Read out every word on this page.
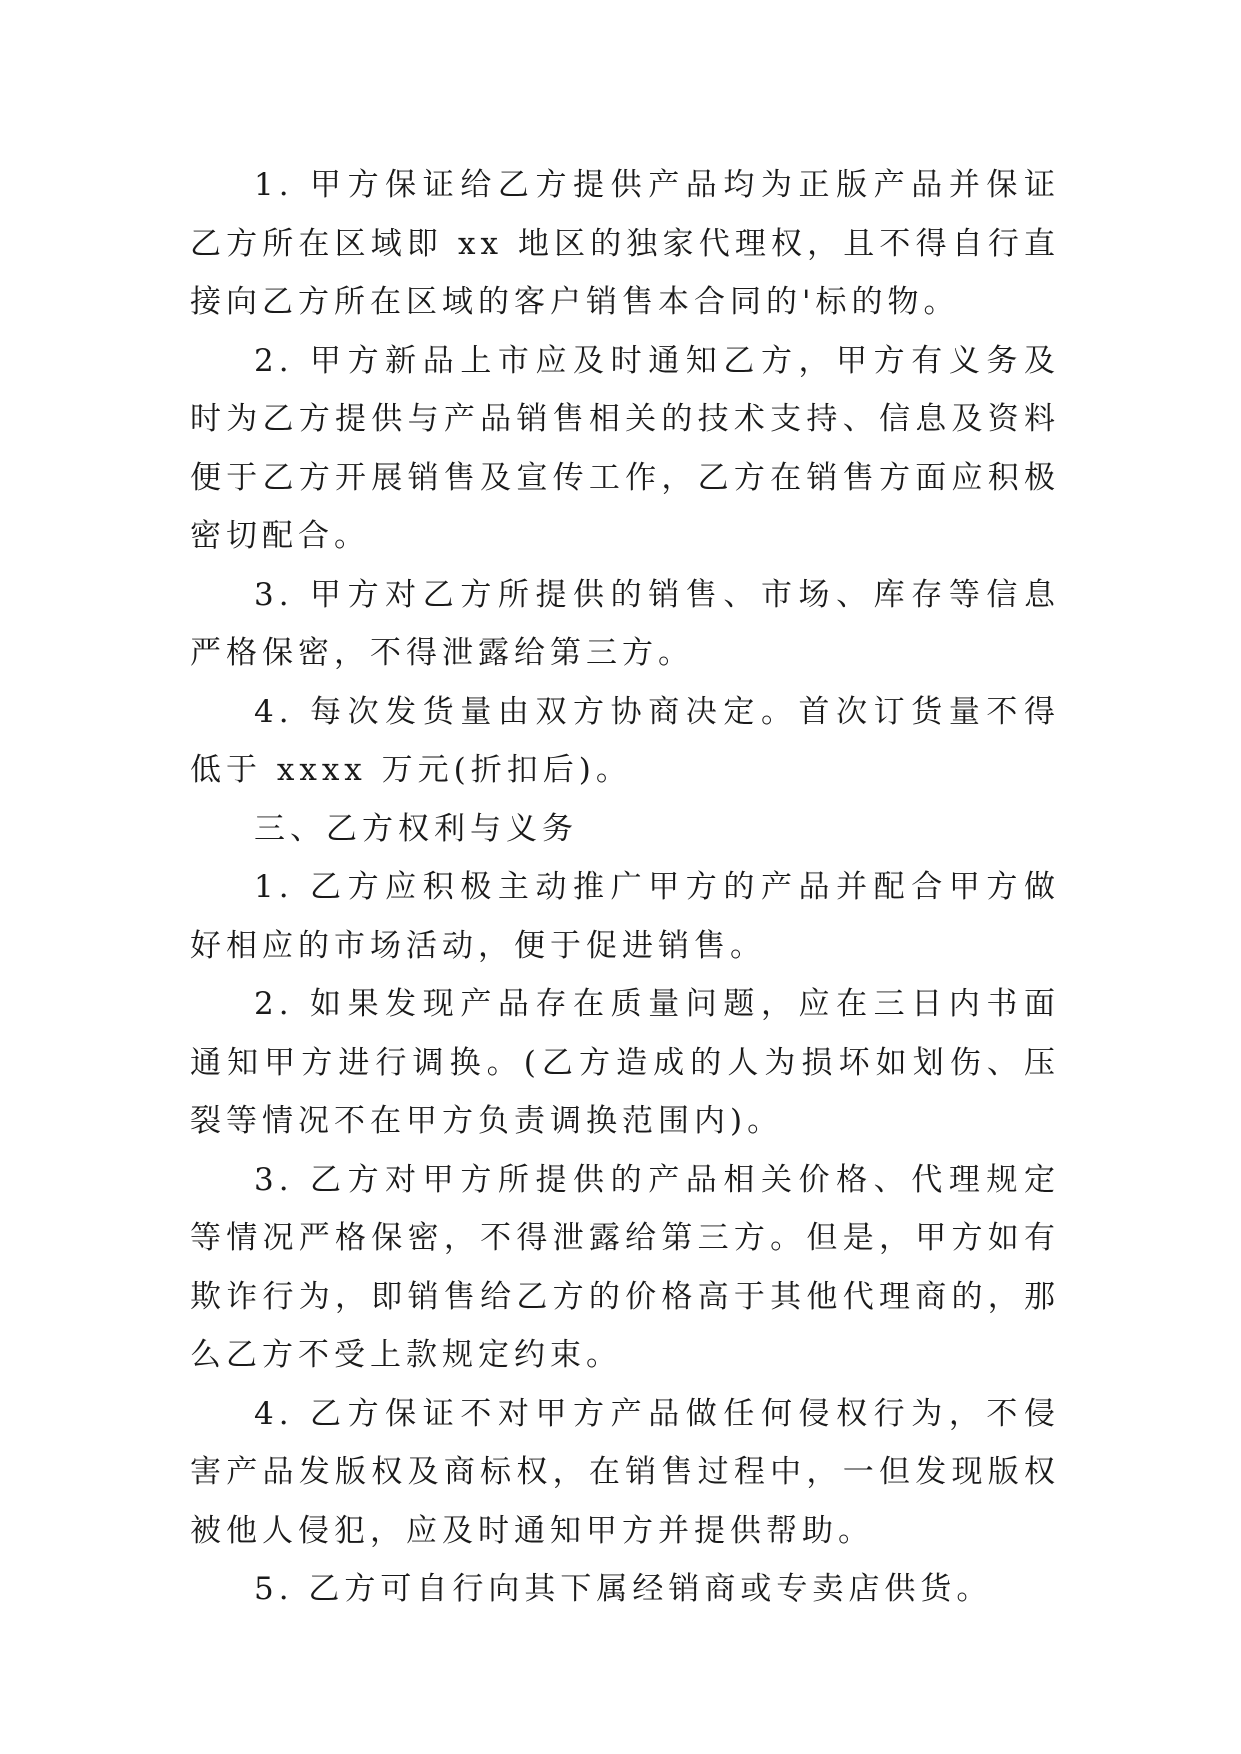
1. 甲方保证给乙方提供产品均为正版产品并保证乙方所在区域即 xx 地区的独家代理权，且不得自行直接向乙方所在区域的客户销售本合同的'标的物。

2. 甲方新品上市应及时通知乙方，甲方有义务及时为乙方提供与产品销售相关的技术支持、信息及资料便于乙方开展销售及宣传工作，乙方在销售方面应积极密切配合。

3. 甲方对乙方所提供的销售、市场、库存等信息严格保密，不得泄露给第三方。

4. 每次发货量由双方协商决定。首次订货量不得低于 xxxx 万元(折扣后)。

三、乙方权利与义务

1. 乙方应积极主动推广甲方的产品并配合甲方做好相应的市场活动，便于促进销售。

2. 如果发现产品存在质量问题，应在三日内书面通知甲方进行调换。(乙方造成的人为损坏如划伤、压裂等情况不在甲方负责调换范围内)。

3. 乙方对甲方所提供的产品相关价格、代理规定等情况严格保密，不得泄露给第三方。但是，甲方如有欺诈行为，即销售给乙方的价格高于其他代理商的，那么乙方不受上款规定约束。

4. 乙方保证不对甲方产品做任何侵权行为，不侵害产品发版权及商标权，在销售过程中，一但发现版权被他人侵犯，应及时通知甲方并提供帮助。

5. 乙方可自行向其下属经销商或专卖店供货。
